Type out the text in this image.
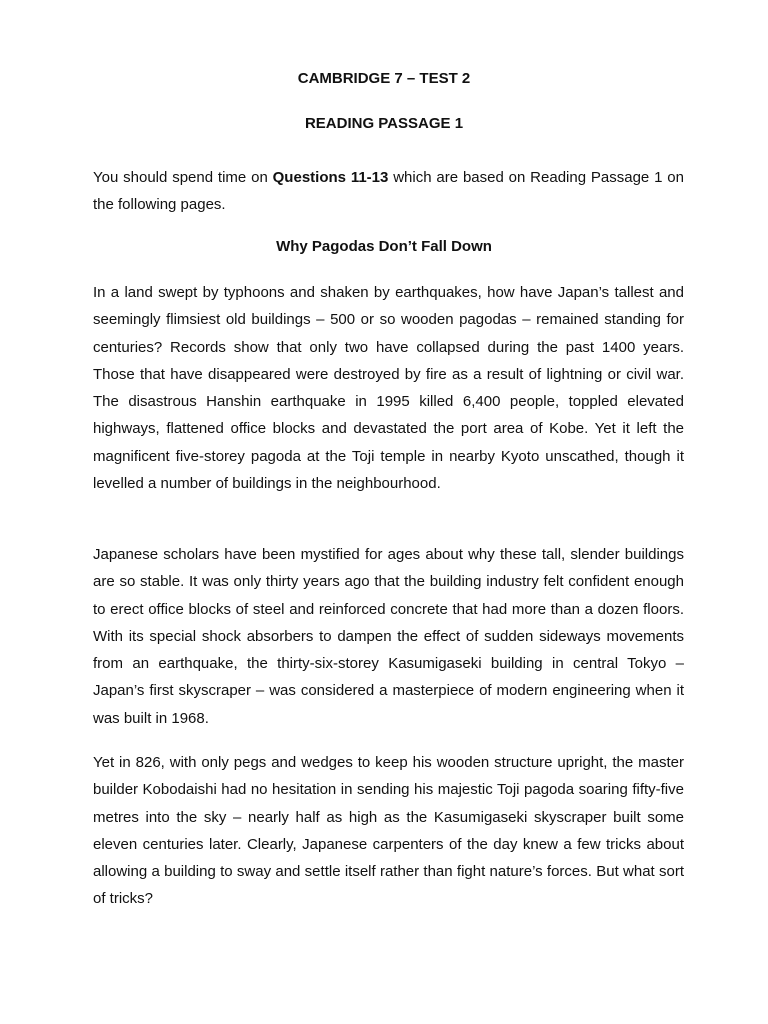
CAMBRIDGE 7 – TEST 2
READING PASSAGE 1

You should spend time on Questions 11-13 which are based on Reading Passage 1 on the following pages.

Why Pagodas Don’t Fall Down

In a land swept by typhoons and shaken by earthquakes, how have Japan’s tallest and seemingly flimsiest old buildings – 500 or so wooden pagodas – remained standing for centuries? Records show that only two have collapsed during the past 1400 years. Those that have disappeared were destroyed by fire as a result of lightning or civil war. The disastrous Hanshin earthquake in 1995 killed 6,400 people, toppled elevated highways, flattened office blocks and devastated the port area of Kobe. Yet it left the magnificent five-storey pagoda at the Toji temple in nearby Kyoto unscathed, though it levelled a number of buildings in the neighbourhood.

Japanese scholars have been mystified for ages about why these tall, slender buildings are so stable. It was only thirty years ago that the building industry felt confident enough to erect office blocks of steel and reinforced concrete that had more than a dozen floors. With its special shock absorbers to dampen the effect of sudden sideways movements from an earthquake, the thirty-six-storey Kasumigaseki building in central Tokyo – Japan’s first skyscraper – was considered a masterpiece of modern engineering when it was built in 1968.

Yet in 826, with only pegs and wedges to keep his wooden structure upright, the master builder Kobodaishi had no hesitation in sending his majestic Toji pagoda soaring fifty-five metres into the sky – nearly half as high as the Kasumigaseki skyscraper built some eleven centuries later. Clearly, Japanese carpenters of the day knew a few tricks about allowing a building to sway and settle itself rather than fight nature’s forces. But what sort of tricks?
